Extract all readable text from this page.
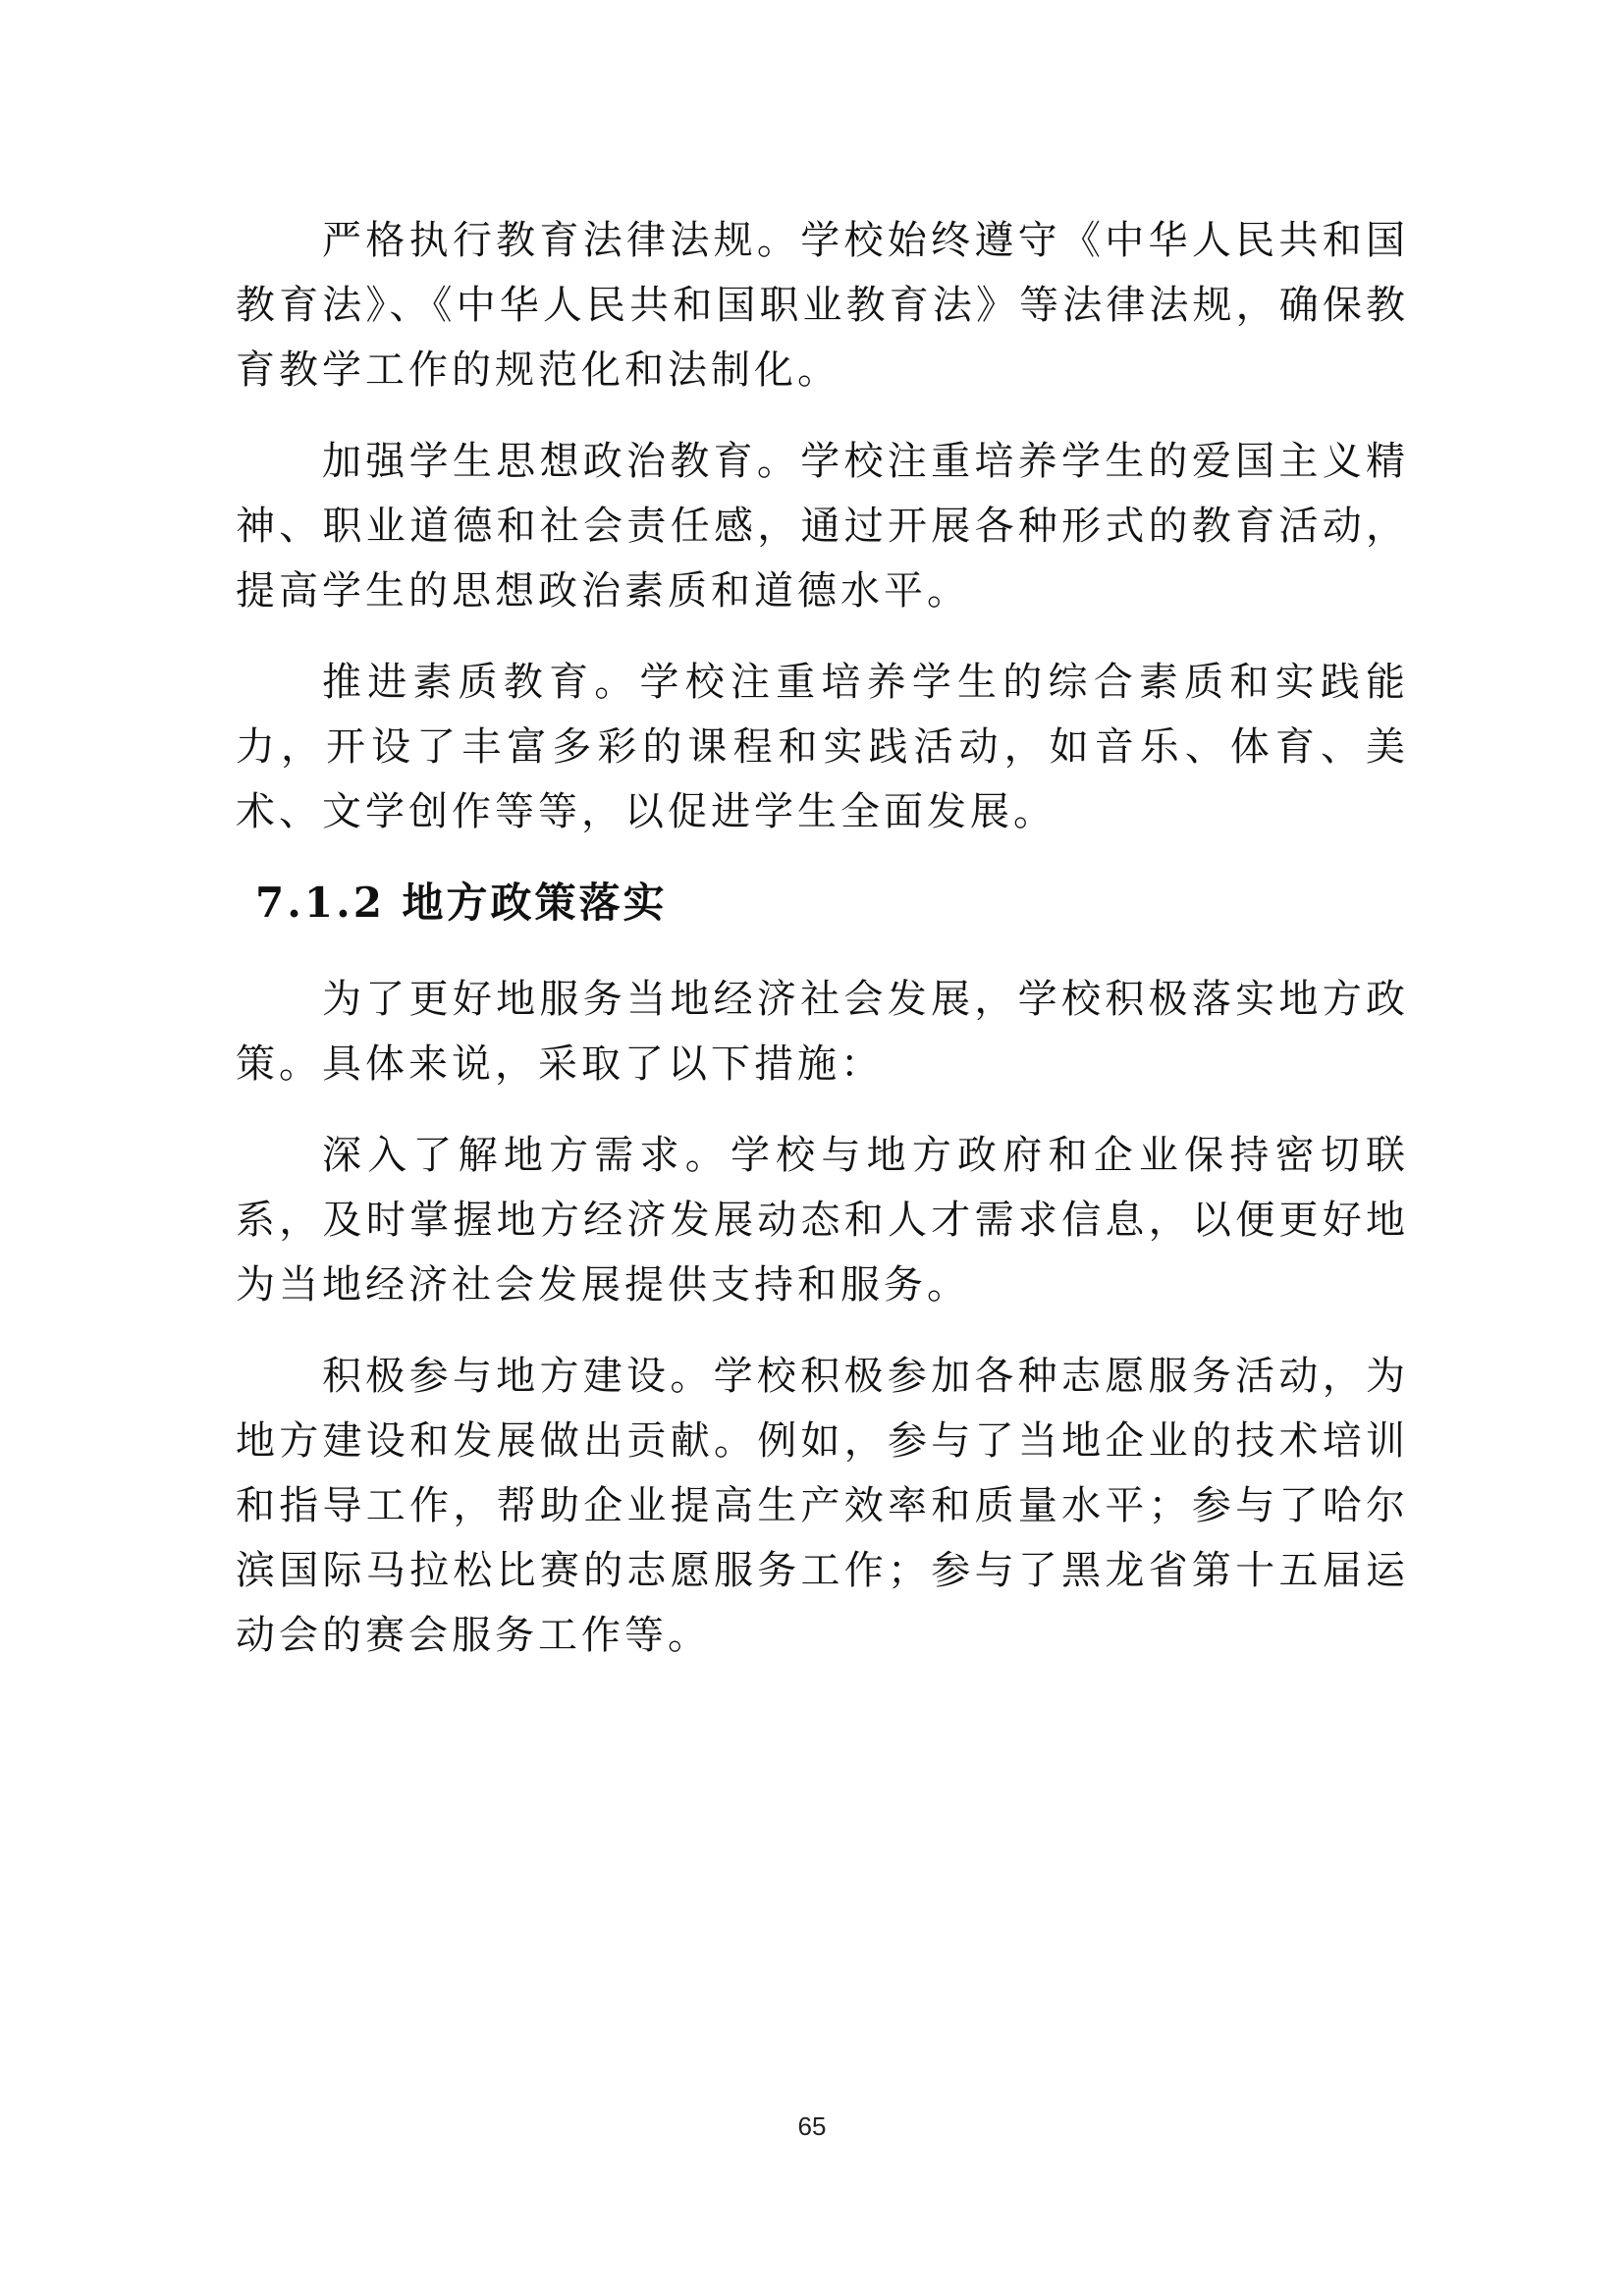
严格执行教育法律法规。学校始终遵守《中华人民共和国教育法》、《中华人民共和国职业教育法》等法律法规，确保教育教学工作的规范化和法制化。

加强学生思想政治教育。学校注重培养学生的爱国主义精神、职业道德和社会责任感，通过开展各种形式的教育活动，提高学生的思想政治素质和道德水平。

推进素质教育。学校注重培养学生的综合素质和实践能力，开设了丰富多彩的课程和实践活动，如音乐、体育、美术、文学创作等等，以促进学生全面发展。

7.1.2 地方政策落实

为了更好地服务当地经济社会发展，学校积极落实地方政策。具体来说，采取了以下措施：

深入了解地方需求。学校与地方政府和企业保持密切联系，及时掌握地方经济发展动态和人才需求信息，以便更好地为当地经济社会发展提供支持和服务。

积极参与地方建设。学校积极参加各种志愿服务活动，为地方建设和发展做出贡献。例如，参与了当地企业的技术培训和指导工作，帮助企业提高生产效率和质量水平；参与了哈尔滨国际马拉松比赛的志愿服务工作；参与了黑龙省第十五届运动会的赛会服务工作等。

65
